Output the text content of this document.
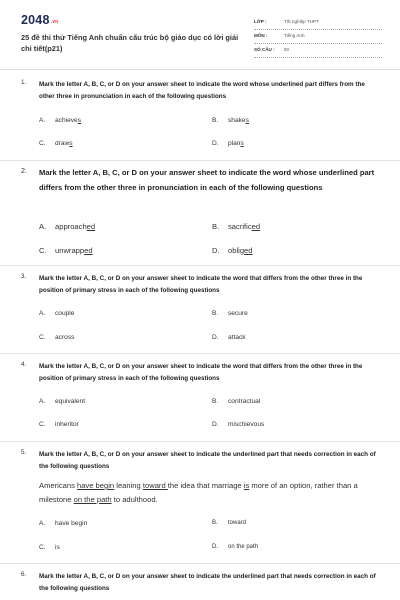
$2048_{.vn}$
25 đề thi thử Tiếng Anh chuẩn cấu trúc bộ giáo dục có lời giải chi tiết(p21)
LỚP :	Tốt nghiệp THPT
MÔN :	Tiếng Anh
SỐ CÂU : 50
1. Mark the letter A, B, C, or D on your answer sheet to indicate the word whose underlined part differs from the other three in pronunciation in each of the following questions
A. achieves	B. shakes
C. draws	D. plans
2. Mark the letter A, B, C, or D on your answer sheet to indicate the word whose underlined part differs from the other three in pronunciation in each of the following questions
A. approached	B. sacrificed
C. unwrapped	D. obliged
3. Mark the letter A, B, C, or D on your answer sheet to indicate the word that differs from the other three in the position of primary stress in each of the following questions
A. couple	B. secure
C. across	D. attack
4. Mark the letter A, B, C, or D on your answer sheet to indicate the word that differs from the other three in the position of primary stress in each of the following questions
A. equivalent	B. contractual
C. inheritor	D. mischievous
5. Mark the letter A, B, C, or D on your answer sheet to indicate the underlined part that needs correction in each of the following questions
Americans have begin leaning toward the idea that marriage is more of an option, rather than a milestone on the path to adulthood.
A. have begin	B. toward
C. is	D. on the path
6. Mark the letter A, B, C, or D on your answer sheet to indicate the underlined part that needs correction in each of the following questions
